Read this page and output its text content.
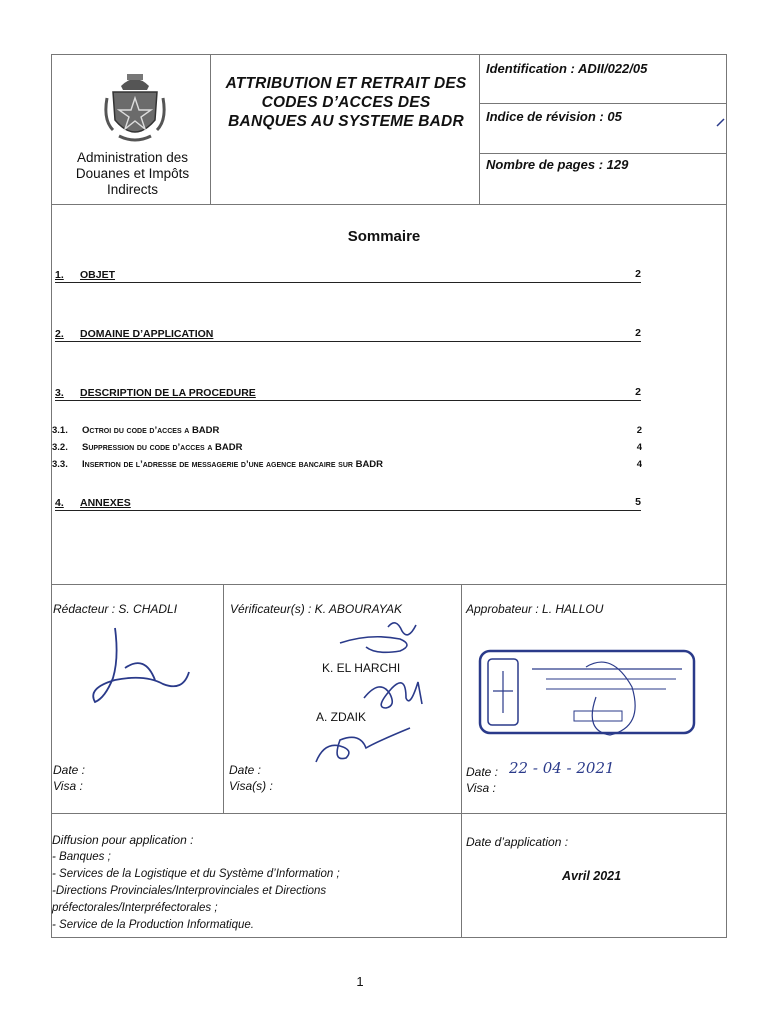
Administration des
Douanes et Impôts
Indirects
ATTRIBUTION ET RETRAIT DES
CODES D’ACCES DES
BANQUES AU SYSTEME BADR
Identification : ADII/022/05
Indice de révision : 05
Nombre de pages : 129
Sommaire
1. OBJET	2
2. DOMAINE D’APPLICATION	2
3. DESCRIPTION DE LA PROCEDURE	2
3.1. Octroi du code d’acces a BADR	2
3.2. Suppression du code d’acces a BADR	4
3.3. Insertion de l’adresse de messagerie d’une agence bancaire sur BADR	4
4. ANNEXES	5
Rédacteur : S. CHADLI	Vérificateur(s) : K. ABOURAYAK	Approbateur : L. HALLOU
K. EL HARCHI
A. ZDAIK
Date :
Visa :
Date :
Visa(s) :
Date : 22 - 04 - 2021
Visa :
Diffusion pour application :
- Banques ;
- Services de la Logistique et du Système d’Information ;
-Directions Provinciales/Interprovinciales et Directions
préfectorales/Interpréfectorales ;
- Service de la Production Informatique.
Date d’application :
Avril 2021
1
